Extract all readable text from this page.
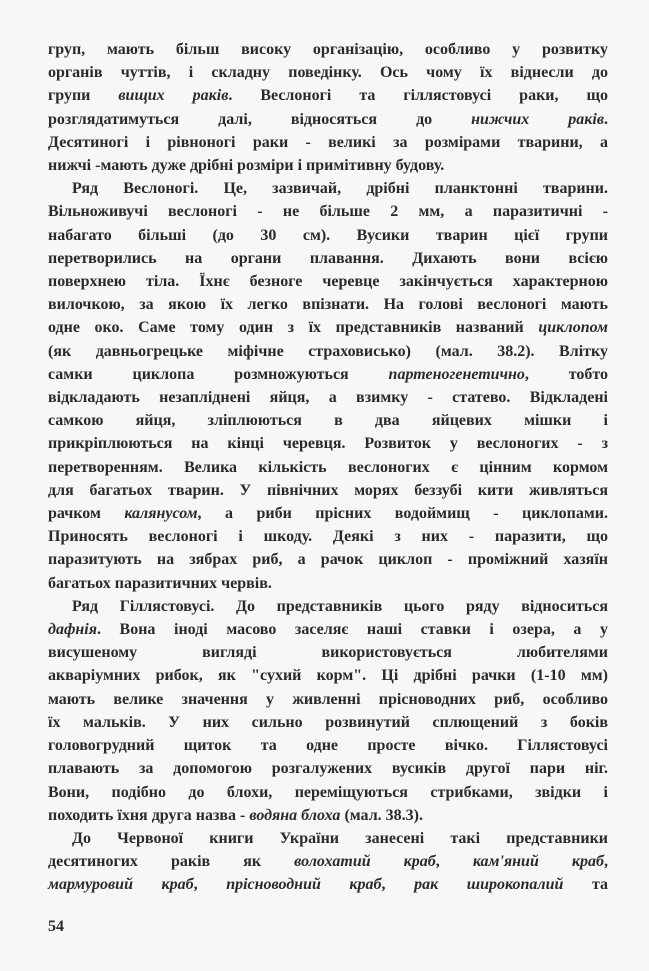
груп, мають більш високу організацію, особливо у розвитку
органів чуттів, і складну поведінку. Ось чому їх віднесли до
групи вищих раків. Веслоногі та гіллястовусі раки, що
розглядатимуться далі, відносяться до нижчих раків.
Десятиногі і рівноногі раки - великі за розмірами тварини, а
нижчі -мають дуже дрібні розміри і примітивну будову.
Ряд Веслоногі. Це, зазвичай, дрібні планктонні тварини.
Вільноживучі веслоногі - не більше 2 мм, а паразитичні -
набагато більші (до 30 см). Вусики тварин цієї групи
перетворились на органи плавання. Дихають вони всією
поверхнею тіла. Їхнє безноге черевце закінчується характерною
вилочкою, за якою їх легко впізнати. На голові веслоногі мають
одне око. Саме тому один з їх представників названий циклопом
(як давньогрецьке міфічне страховисько) (мал. 38.2). Влітку
самки циклопа розмножуються партеногенетично, тобто
відкладають незапліднені яйця, а взимку - статево. Відкладені
самкою яйця, злiплюються в два яйцевих мішки і
прикріплюються на кінці черевця. Розвиток у веслоногих - з
перетворенням. Велика кількість веслоногих є цінним кормом
для багатьох тварин. У північних морях беззубі кити живляться
рачком калянусом, а риби прісних водоймищ - циклопами.
Приносять веслоногі і шкоду. Деякі з них - паразити, що
паразитують на зябрах риб, а рачок циклоп - проміжний хазяїн
багатьох паразитичних червів.
Ряд Гіллястовусі. До представників цього ряду відноситься
дафнія. Вона іноді масово заселяє наші ставки і озера, а у
висушеному вигляді використовується любителями
акваріумних рибок, як "сухий корм". Ці дрібні рачки (1-10 мм)
мають велике значення у живленні прісноводних риб, особливо
їх мальків. У них сильно розвинутий сплющений з боків
головогрудний щиток та одне просте вічко. Гіллястовусі
плавають за допомогою розгалужених вусиків другої пари ніг.
Вони, подібно до блохи, переміщуються стрибками, звідки і
походить їхня друга назва - водяна блоха (мал. 38.3).
До Червоної книги України занесені такі представники
десятиногих раків як волохатий краб, кам'яний краб,
мармуровий краб, прісноводний краб, рак широкопалий та
54
